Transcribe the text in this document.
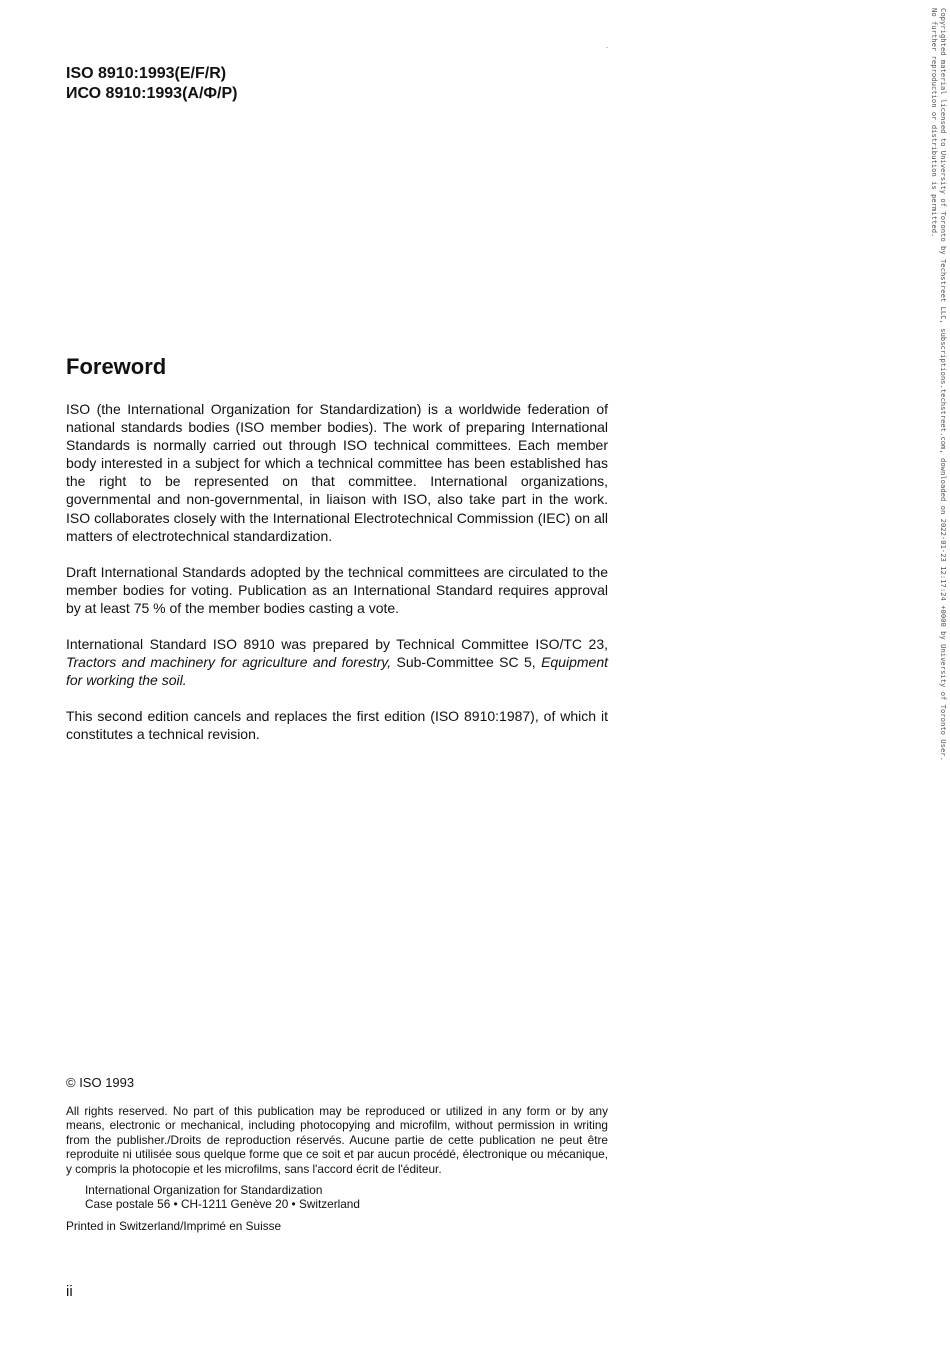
ISO 8910:1993(E/F/R)
ИСО 8910:1993(А/Ф/Р)
Foreword

ISO (the International Organization for Standardization) is a worldwide federation of national standards bodies (ISO member bodies). The work of preparing International Standards is normally carried out through ISO technical committees. Each member body interested in a subject for which a technical committee has been established has the right to be represented on that committee. International organizations, governmental and non-governmental, in liaison with ISO, also take part in the work. ISO collaborates closely with the International Electrotechnical Commission (IEC) on all matters of electrotechnical standardization.

Draft International Standards adopted by the technical committees are circulated to the member bodies for voting. Publication as an International Standard requires approval by at least 75 % of the member bodies casting a vote.

International Standard ISO 8910 was prepared by Technical Committee ISO/TC 23, Tractors and machinery for agriculture and forestry, Sub-Committee SC 5, Equipment for working the soil.

This second edition cancels and replaces the first edition (ISO 8910:1987), of which it constitutes a technical revision.

© ISO 1993
All rights reserved. No part of this publication may be reproduced or utilized in any form or by any means, electronic or mechanical, including photocopying and microfilm, without permission in writing from the publisher./Droits de reproduction réservés. Aucune partie de cette publication ne peut être reproduite ni utilisée sous quelque forme que ce soit et par aucun procédé, électronique ou mécanique, y compris la photocopie et les microfilms, sans l'accord écrit de l'éditeur.
International Organization for Standardization
Case postale 56 • CH-1211 Genève 20 • Switzerland
Printed in Switzerland/Imprimé en Suisse
ii
Copyrighted material licensed to University of Toronto by Techstreet LLC, subscriptions.techstreet.com, downloaded on 2022-01-23 12:17:24 +0000 by University of Toronto User.
No further reproduction or distribution is permitted.
